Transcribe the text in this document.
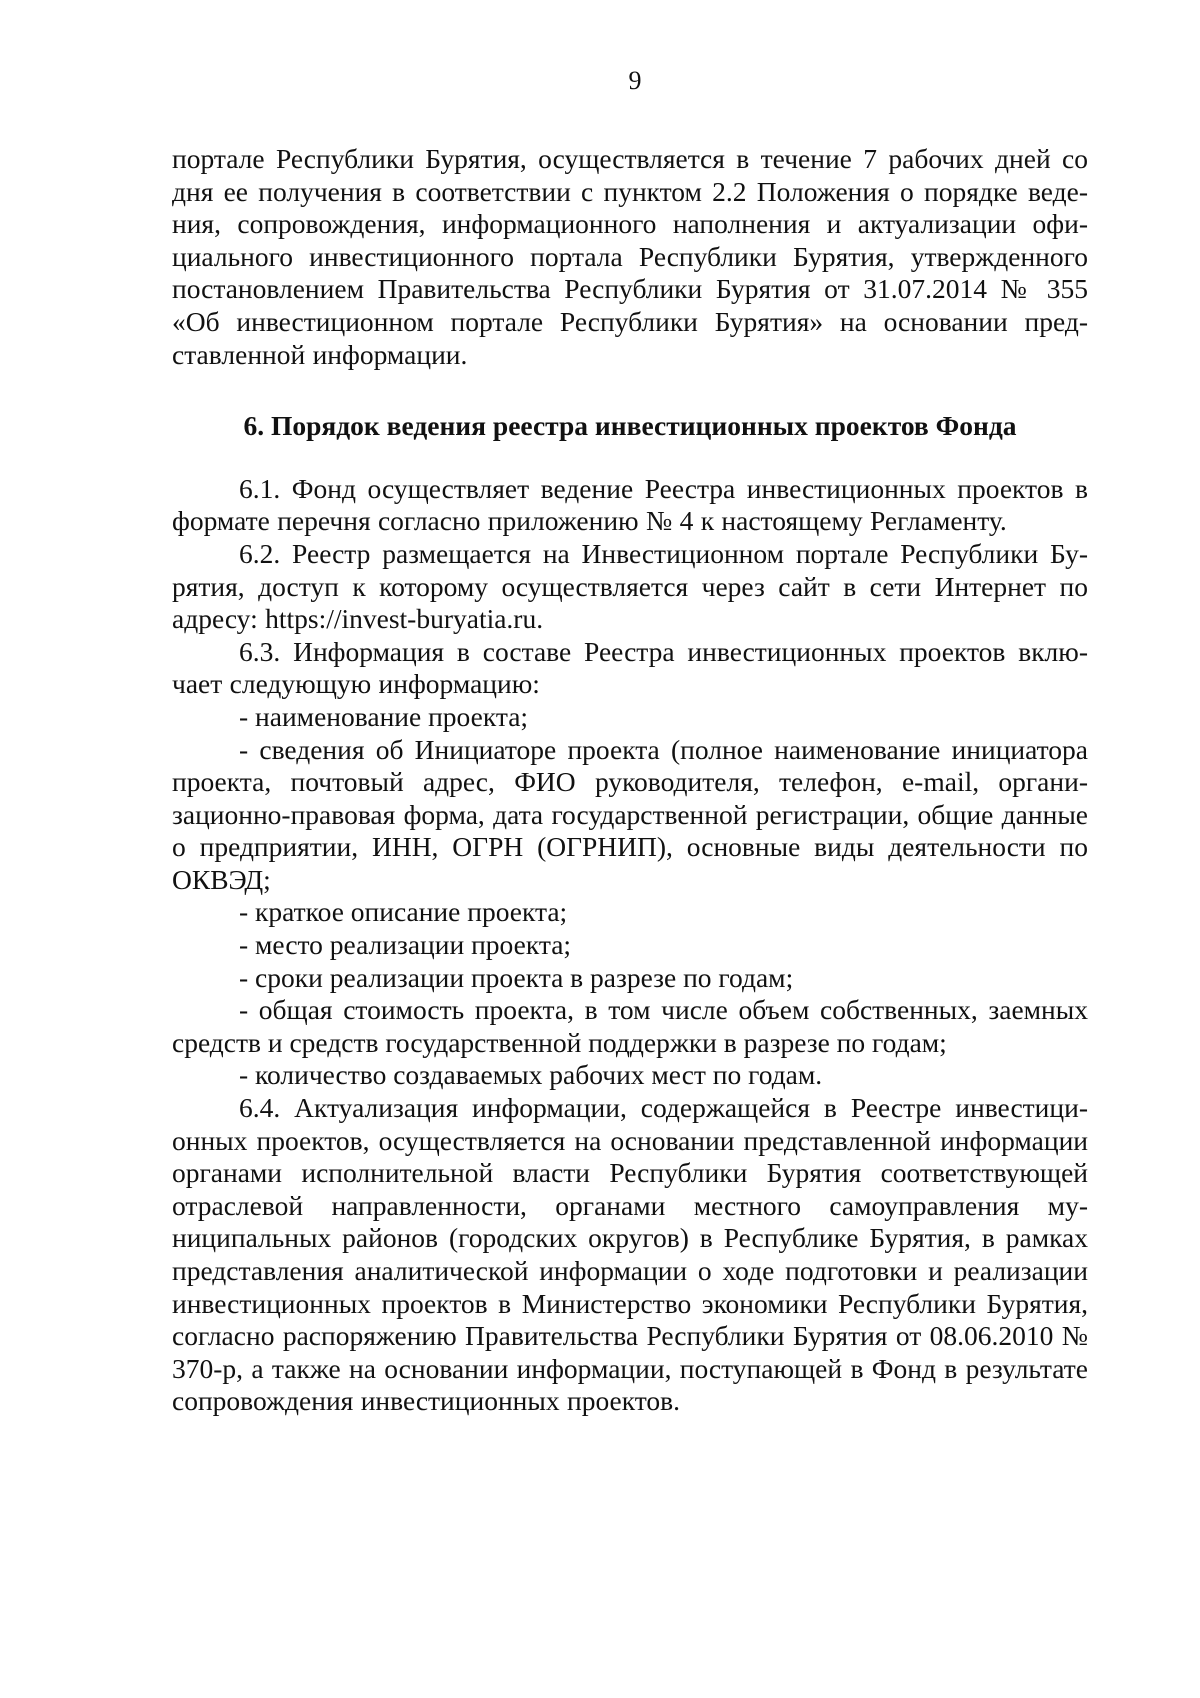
9

порталe Республики Бурятия, осуществляется в течение 7 рабочих дней со дня ее получения в соответствии с пунктом 2.2 Положения о порядке ведения, сопровождения, информационного наполнения и актуализации официального инвестиционного портала Республики Бурятия, утвержденного постановлением Правительства Республики Бурятия от 31.07.2014 № 355 «Об инвестиционном портале Республики Бурятия» на основании представленной информации.

6. Порядок ведения реестра инвестиционных проектов Фонда

6.1. Фонд осуществляет ведение Реестра инвестиционных проектов в формате перечня согласно приложению № 4 к настоящему Регламенту.

6.2. Реестр размещается на Инвестиционном портале Республики Бурятия, доступ к которому осуществляется через сайт в сети Интернет по адресу: https://invest-buryatia.ru.

6.3. Информация в составе Реестра инвестиционных проектов включает следующую информацию:

- наименование проекта;
- сведения об Инициаторе проекта (полное наименование инициатора проекта, почтовый адрес, ФИО руководителя, телефон, e-mail, организационно-правовая форма, дата государственной регистрации, общие данные о предприятии, ИНН, ОГРН (ОГРНИП), основные виды деятельности по ОКВЭД;
- краткое описание проекта;
- место реализации проекта;
- сроки реализации проекта в разрезе по годам;
- общая стоимость проекта, в том числе объем собственных, заемных средств и средств государственной поддержки в разрезе по годам;
- количество создаваемых рабочих мест по годам.

6.4. Актуализация информации, содержащейся в Реестре инвестиционных проектов, осуществляется на основании представленной информации органами исполнительной власти Республики Бурятия соответствующей отраслевой направленности, органами местного самоуправления муниципальных районов (городских округов) в Республике Бурятия, в рамках представления аналитической информации о ходе подготовки и реализации инвестиционных проектов в Министерство экономики Республики Бурятия, согласно распоряжению Правительства Республики Бурятия от 08.06.2010 № 370-р, а также на основании информации, поступающей в Фонд в результате сопровождения инвестиционных проектов.
